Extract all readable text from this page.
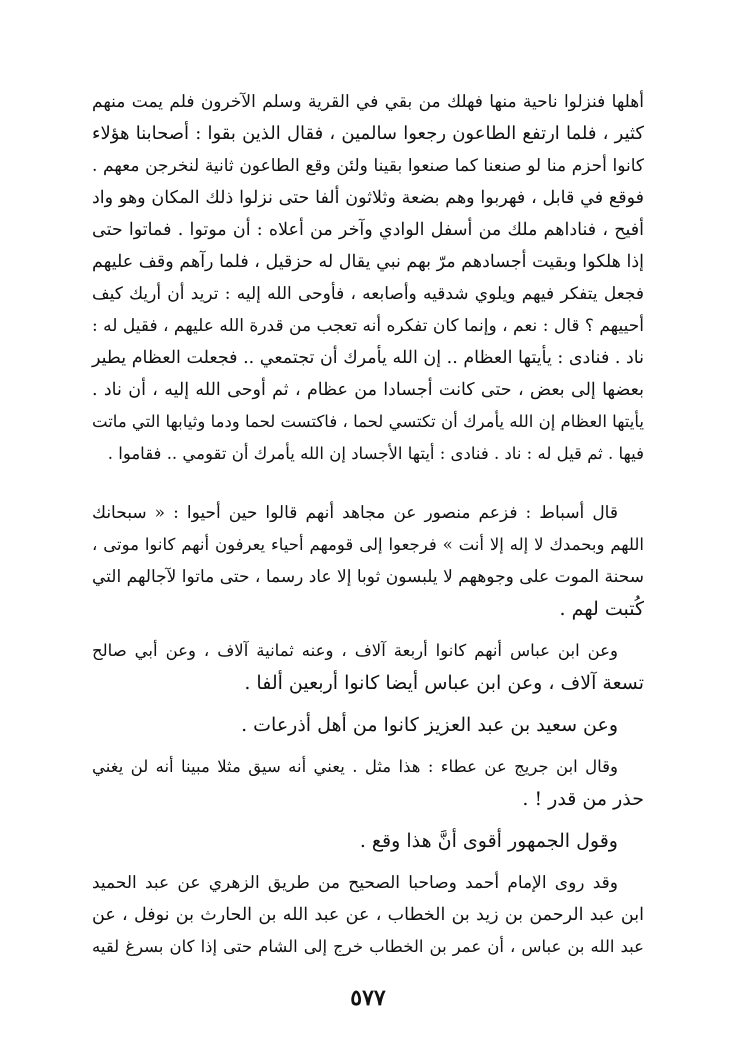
أهلها فنزلوا ناحية منها فهلك من بقي في القرية وسلم الآخرون فلم يمت منهم
كثير ، فلما ارتفع الطاعون رجعوا سالمين ، فقال الذين بقوا : أصحابنا هؤلاء
كانوا أحزم منا لو صنعنا كما صنعوا بقينا ولئن وقع الطاعون ثانية لنخرجن معهم .
فوقع في قابل ، فهربوا وهم بضعة وثلاثون ألفا حتى نزلوا ذلك المكان وهو واد
أفيح ، فناداهم ملك من أسفل الوادي وآخر من أعلاه : أن موتوا . فماتوا حتى
إذا هلكوا وبقيت أجسادهم مرّ بهم نبي يقال له حزقيل ، فلما رآهم وقف عليهم
فجعل يتفكر فيهم ويلوي شدقيه وأصابعه ، فأوحى الله إليه : تريد أن أريك كيف
أحييهم ؟ قال : نعم ، وإنما كان تفكره أنه تعجب من قدرة الله عليهم ، فقيل له :
ناد . فنادى : يأيتها العظام .. إن الله يأمرك أن تجتمعي .. فجعلت العظام يطير
بعضها إلى بعض ، حتى كانت أجسادا من عظام ، ثم أوحى الله إليه ، أن ناد .
يأيتها العظام إن الله يأمرك أن تكتسي لحما ، فاكتست لحما ودما وثيابها التي ماتت
فيها . ثم قيل له : ناد . فنادى : أيتها الأجساد إن الله يأمرك أن تقومي .. فقاموا .
قال أسباط : فزعم منصور عن مجاهد أنهم قالوا حين أحيوا : « سبحانك
اللهم وبحمدك لا إله إلا أنت » فرجعوا إلى قومهم أحياء يعرفون أنهم كانوا موتى ،
سحنة الموت على وجوههم لا يلبسون ثوبا إلا عاد رسما ، حتى ماتوا لآجالهم التي
كُتبت لهم .
وعن ابن عباس أنهم كانوا أربعة آلاف ، وعنه ثمانية آلاف ، وعن أبي صالح
تسعة آلاف ، وعن ابن عباس أيضا كانوا أربعين ألفا .
وعن سعيد بن عبد العزيز كانوا من أهل أذرعات .
وقال ابن جريج عن عطاء : هذا مثل . يعني أنه سيق مثلا مبينا أنه لن يغني
حذر من قدر ! .
وقول الجمهور أقوى أنَّ هذا وقع .
وقد روى الإمام أحمد وصاحبا الصحيح من طريق الزهري عن عبد الحميد
ابن عبد الرحمن بن زيد بن الخطاب ، عن عبد الله بن الحارث بن نوفل ، عن
عبد الله بن عباس ، أن عمر بن الخطاب خرج إلى الشام حتى إذا كان بسرغ لقيه
٥٧٧
